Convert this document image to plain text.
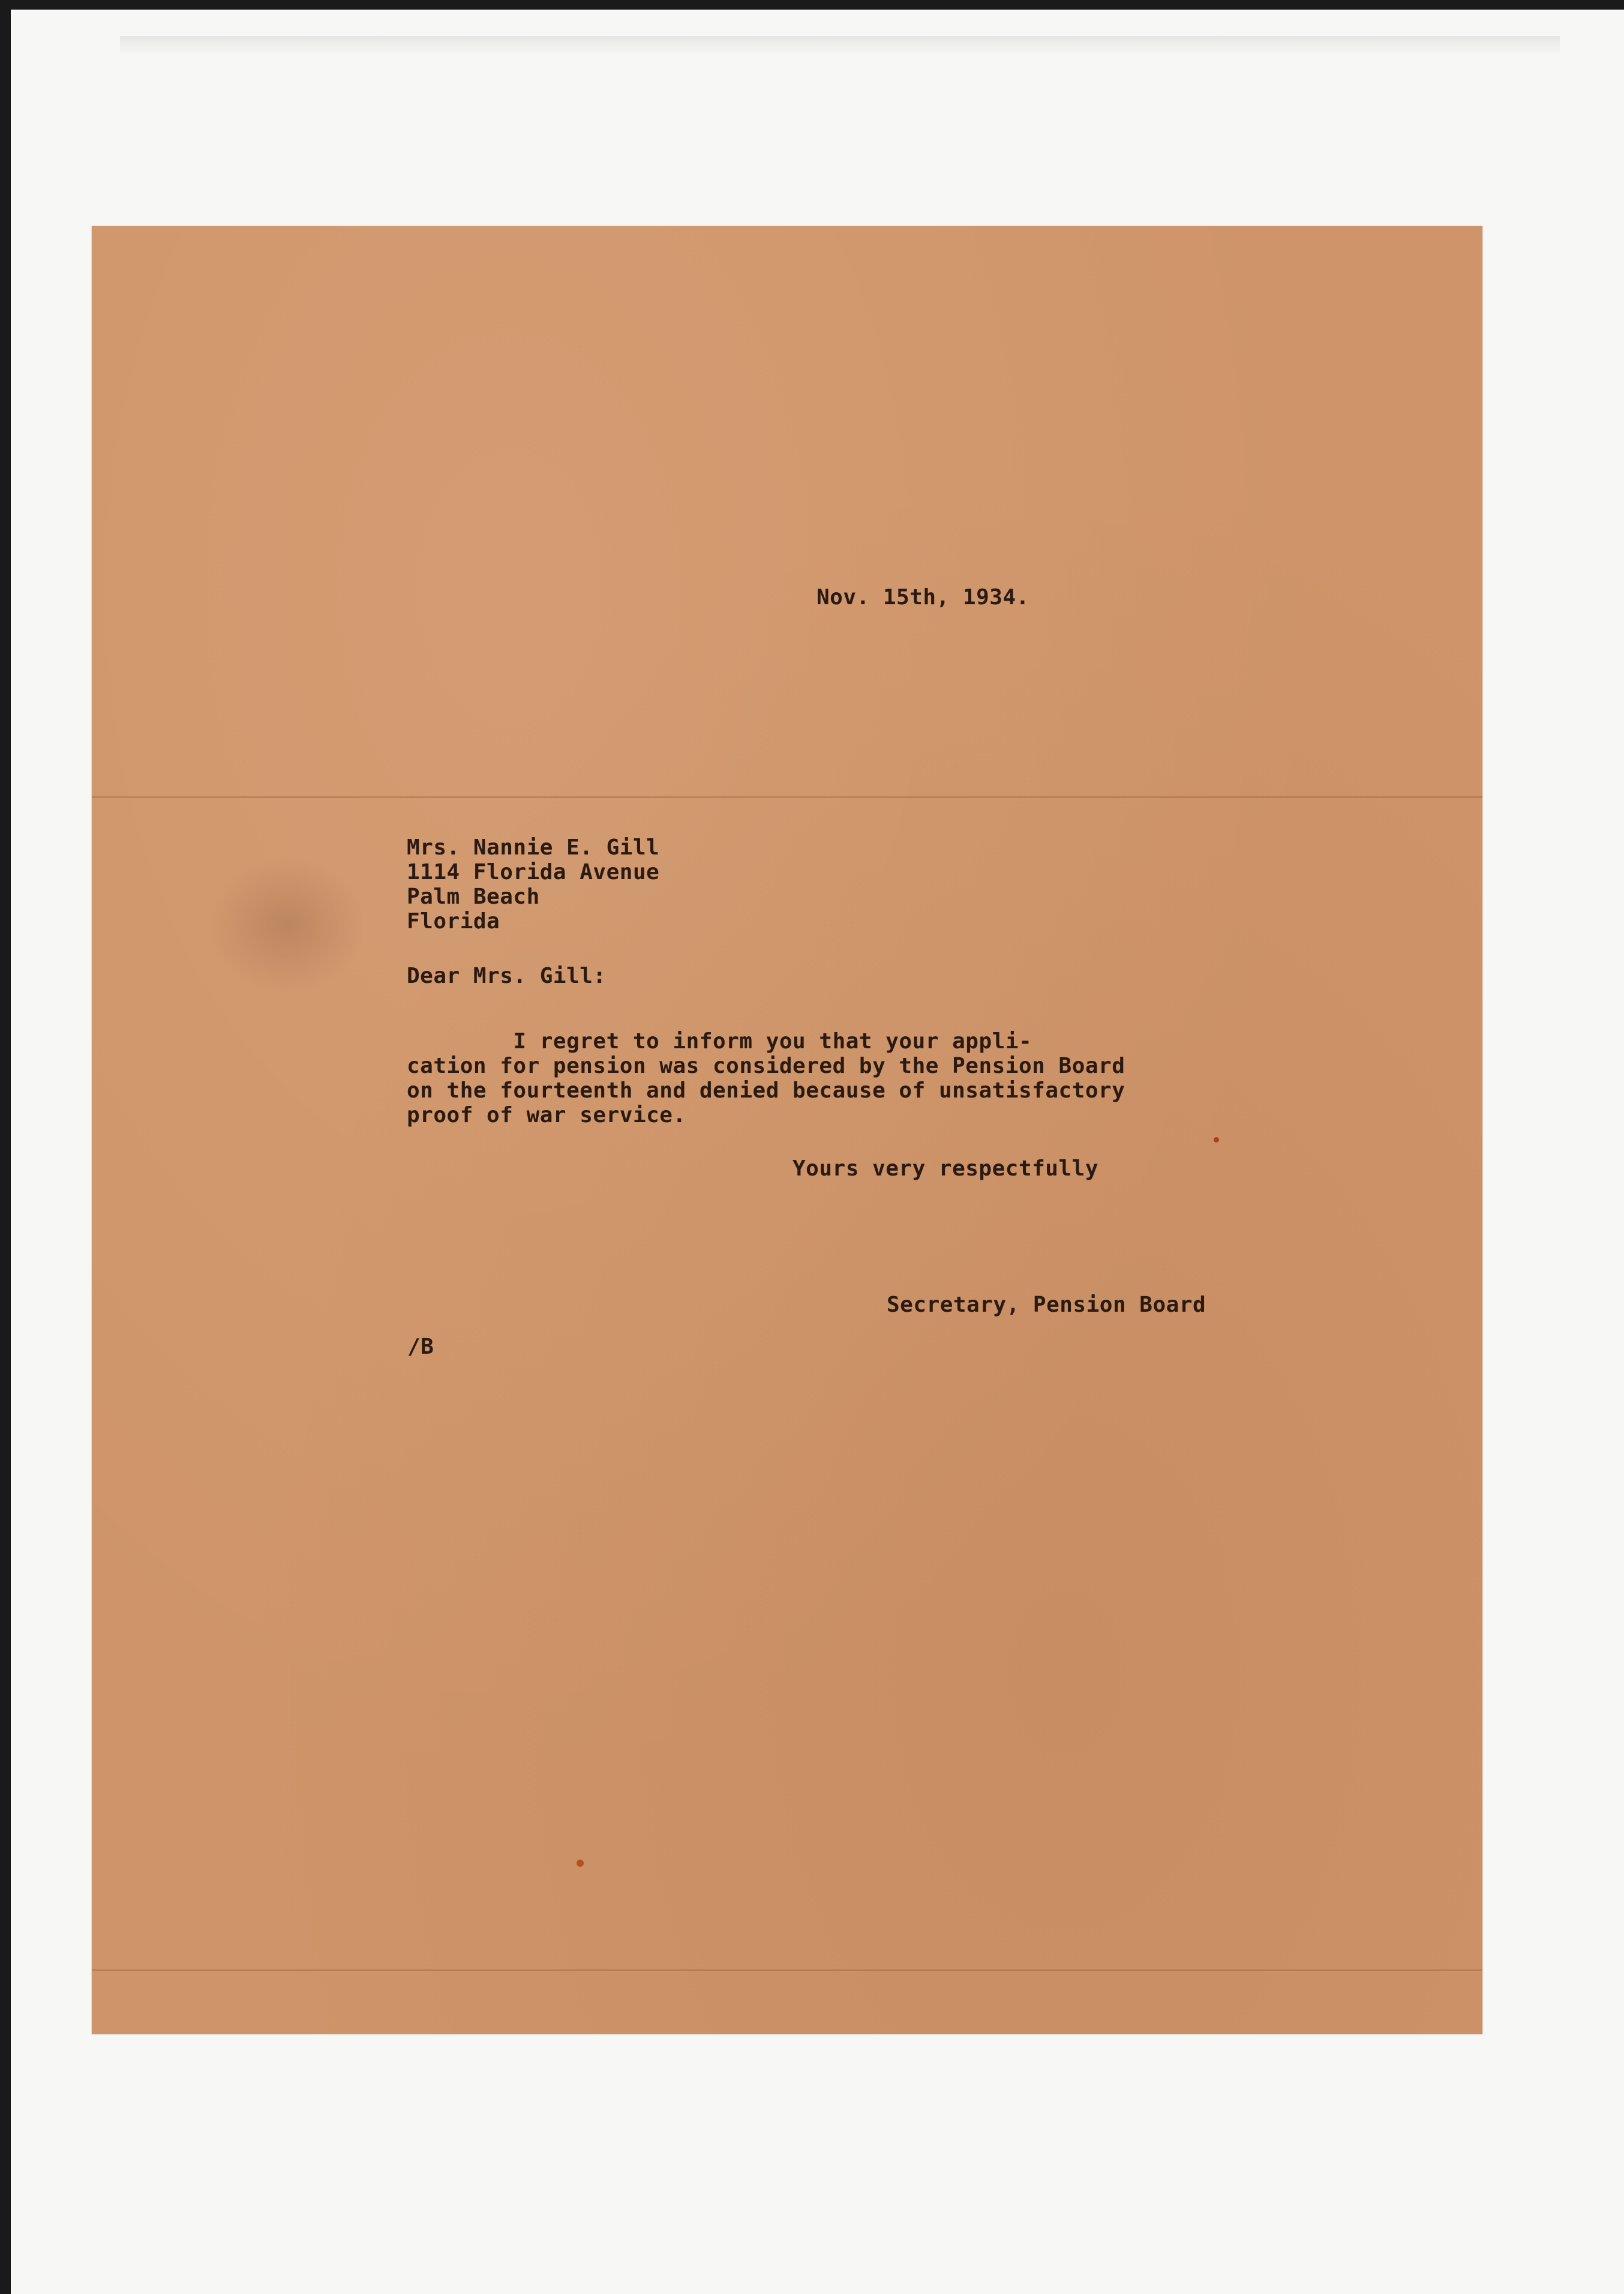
Nov. 15th, 1934.
Mrs. Nannie E. Gill
1114 Florida Avenue
Palm Beach
Florida
Dear Mrs. Gill:
I regret to inform you that your appli-
cation for pension was considered by the Pension Board
on the fourteenth and denied because of unsatisfactory
proof of war service.
Yours very respectfully
Secretary, Pension Board
/B
